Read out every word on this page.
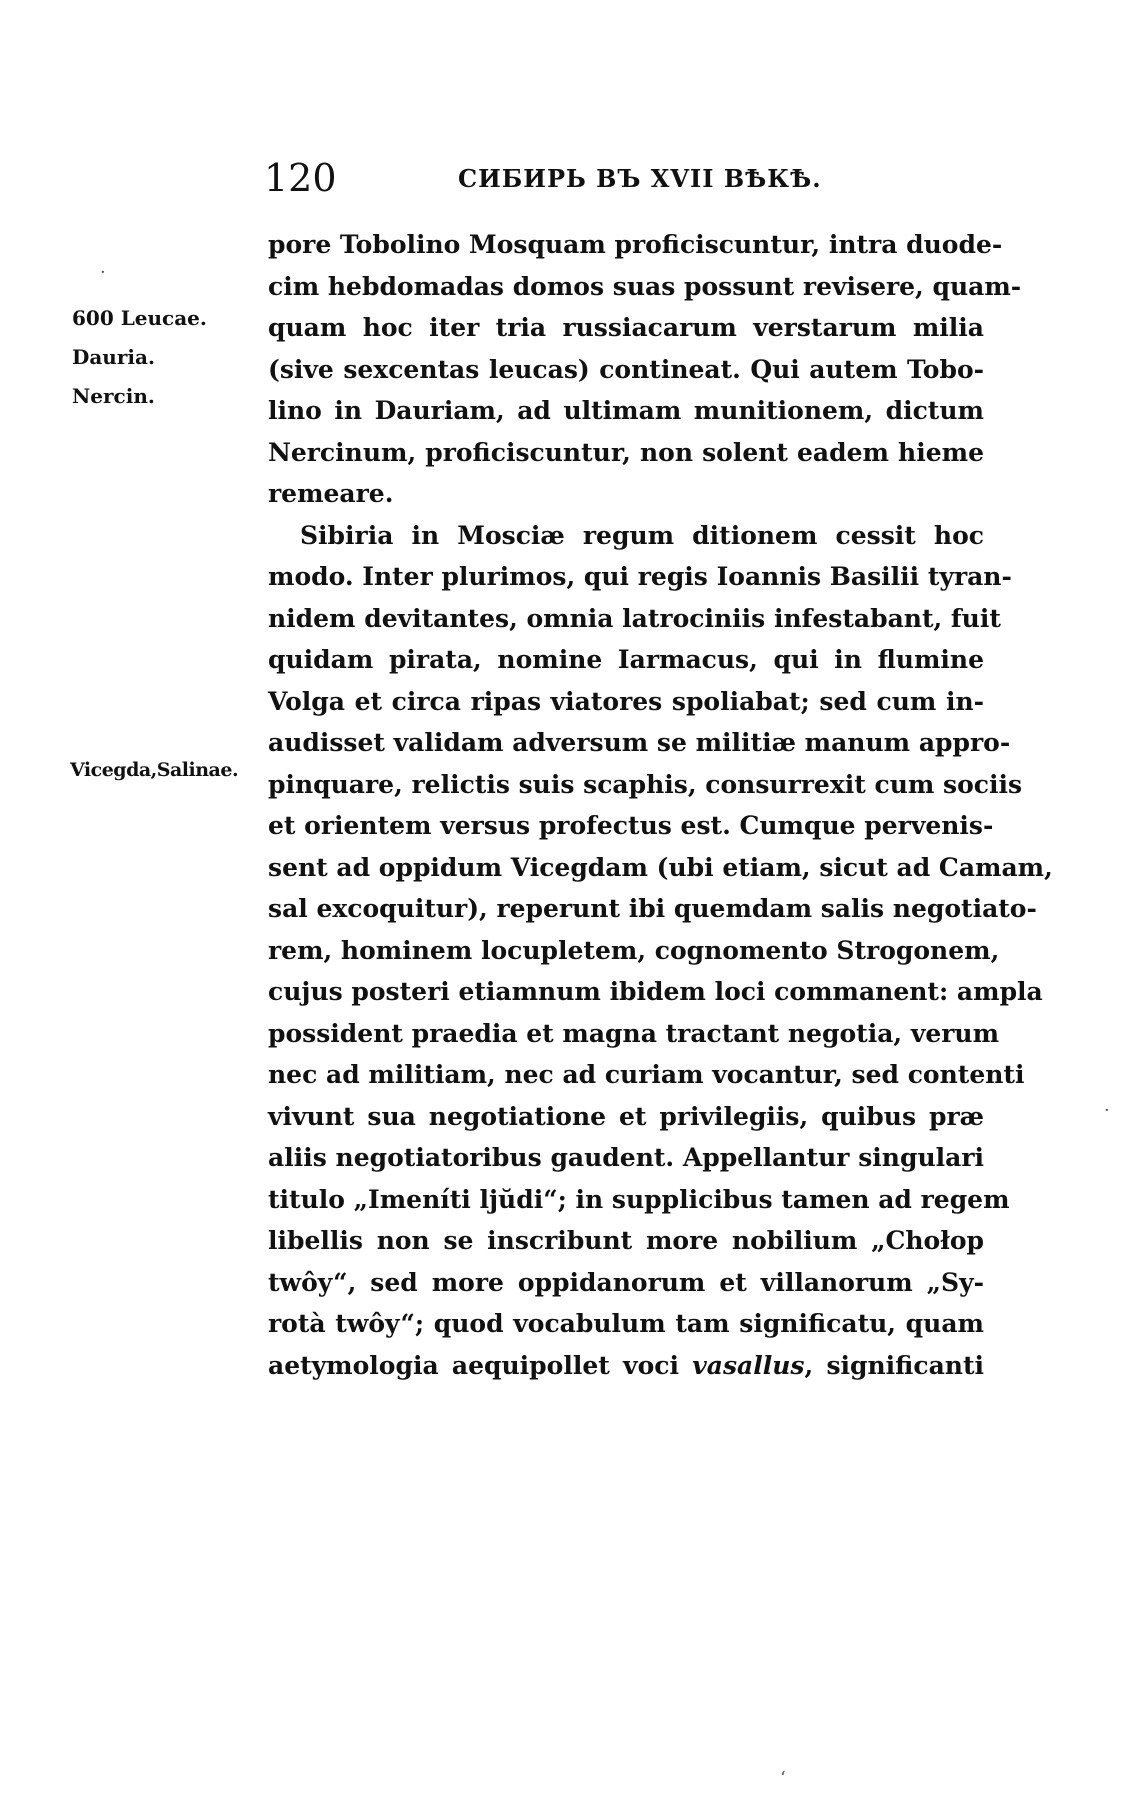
120	СИБИРЬ ВЪ XVII ВѢКѢ.
600 Leucae.
Dauria.
Nercin.
Vicegda,Salinae.
pore Tobolino Mosquam proficiscuntur, intra duode-
cim hebdomadas domos suas possunt revisere, quam-
quam hoc iter tria russiacarum verstarum milia
(sive sexcentas leucas) contineat. Qui autem Tobo-
lino in Dauriam, ad ultimam munitionem, dictum
Nercinum, proficiscuntur, non solent eadem hieme
remeare.
Sibiria in Mosciæ regum ditionem cessit hoc
modo. Inter plurimos, qui regis Ioannis Basilii tyran-
nidem devitantes, omnia latrociniis infestabant, fuit
quidam pirata, nomine Iarmacus, qui in flumine
Volga et circa ripas viatores spoliabat; sed cum in-
audisset validam adversum se militiæ manum appro-
pinquare, relictis suis scaphis, consurrexit cum sociis
et orientem versus profectus est. Cumque pervenis-
sent ad oppidum Vicegdam (ubi etiam, sicut ad Camam,
sal excoquitur), reperunt ibi quemdam salis negotiato-
rem, hominem locupletem, cognomento Strogonem,
cujus posteri etiamnum ibidem loci commanent: ampla
possident praedia et magna tractant negotia, verum
nec ad militiam, nec ad curiam vocantur, sed contenti
vivunt sua negotiatione et privilegiis, quibus præ
aliis negotiatoribus gaudent. Appellantur singulari
titulo „Imeníti ljŭdi“; in supplicibus tamen ad regem
libellis non se inscribunt more nobilium „Chołop
twôy“, sed more oppidanorum et villanorum „Sy-
rotà twôy“; quod vocabulum tam significatu, quam
aetymologia aequipollet voci vasallus, significanti
·
·
ʻ
